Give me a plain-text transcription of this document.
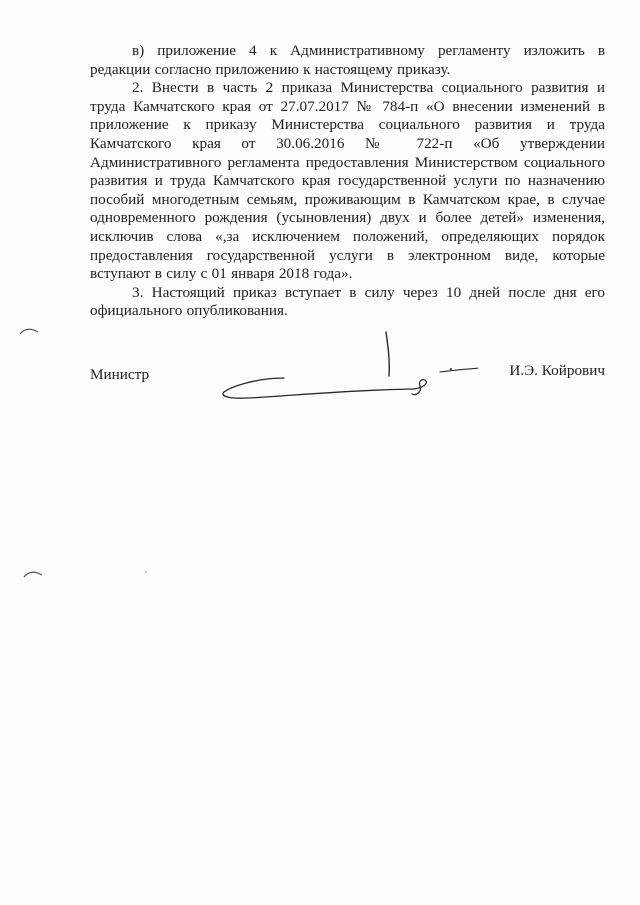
в) приложение 4 к Административному регламенту изложить в редакции согласно приложению к настоящему приказу.

2. Внести в часть 2 приказа Министерства социального развития и труда Камчатского края от 27.07.2017 № 784-п «О внесении изменений в приложение к приказу Министерства социального развития и труда Камчатского края от 30.06.2016 № 722-п «Об утверждении Административного регламента предоставления Министерством социального развития и труда Камчатского края государственной услуги по назначению пособий многодетным семьям, проживающим в Камчатском крае, в случае одновременного рождения (усыновления) двух и более детей» изменения, исключив слова «,за исключением положений, определяющих порядок предоставления государственной услуги в электронном виде, которые вступают в силу с 01 января 2018 года».

3. Настоящий приказ вступает в силу через 10 дней после дня его официального опубликования.

Министр	И.Э. Койрович
